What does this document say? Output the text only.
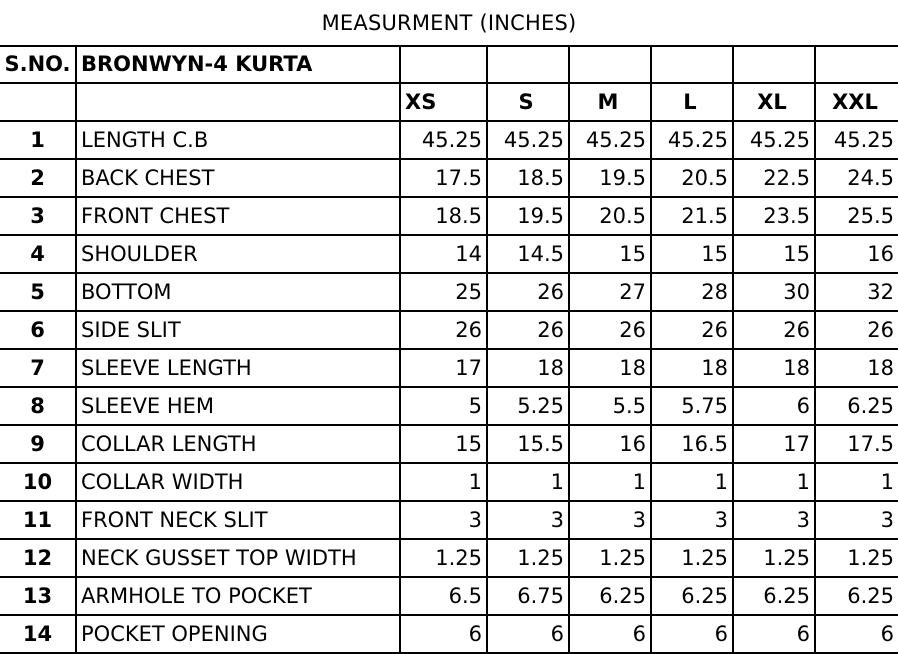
MEASURMENT (INCHES)
S.NO.	BRONWYN-4 KURTA						
		XS	S	M	L	XL	XXL
1	LENGTH C.B	45.25	45.25	45.25	45.25	45.25	45.25
2	BACK CHEST	17.5	18.5	19.5	20.5	22.5	24.5
3	FRONT CHEST	18.5	19.5	20.5	21.5	23.5	25.5
4	SHOULDER	14	14.5	15	15	15	16
5	BOTTOM	25	26	27	28	30	32
6	SIDE SLIT	26	26	26	26	26	26
7	SLEEVE LENGTH	17	18	18	18	18	18
8	SLEEVE HEM	5	5.25	5.5	5.75	6	6.25
9	COLLAR LENGTH	15	15.5	16	16.5	17	17.5
10	COLLAR WIDTH	1	1	1	1	1	1
11	FRONT NECK SLIT	3	3	3	3	3	3
12	NECK GUSSET TOP WIDTH	1.25	1.25	1.25	1.25	1.25	1.25
13	ARMHOLE TO POCKET	6.5	6.75	6.25	6.25	6.25	6.25
14	POCKET OPENING	6	6	6	6	6	6
